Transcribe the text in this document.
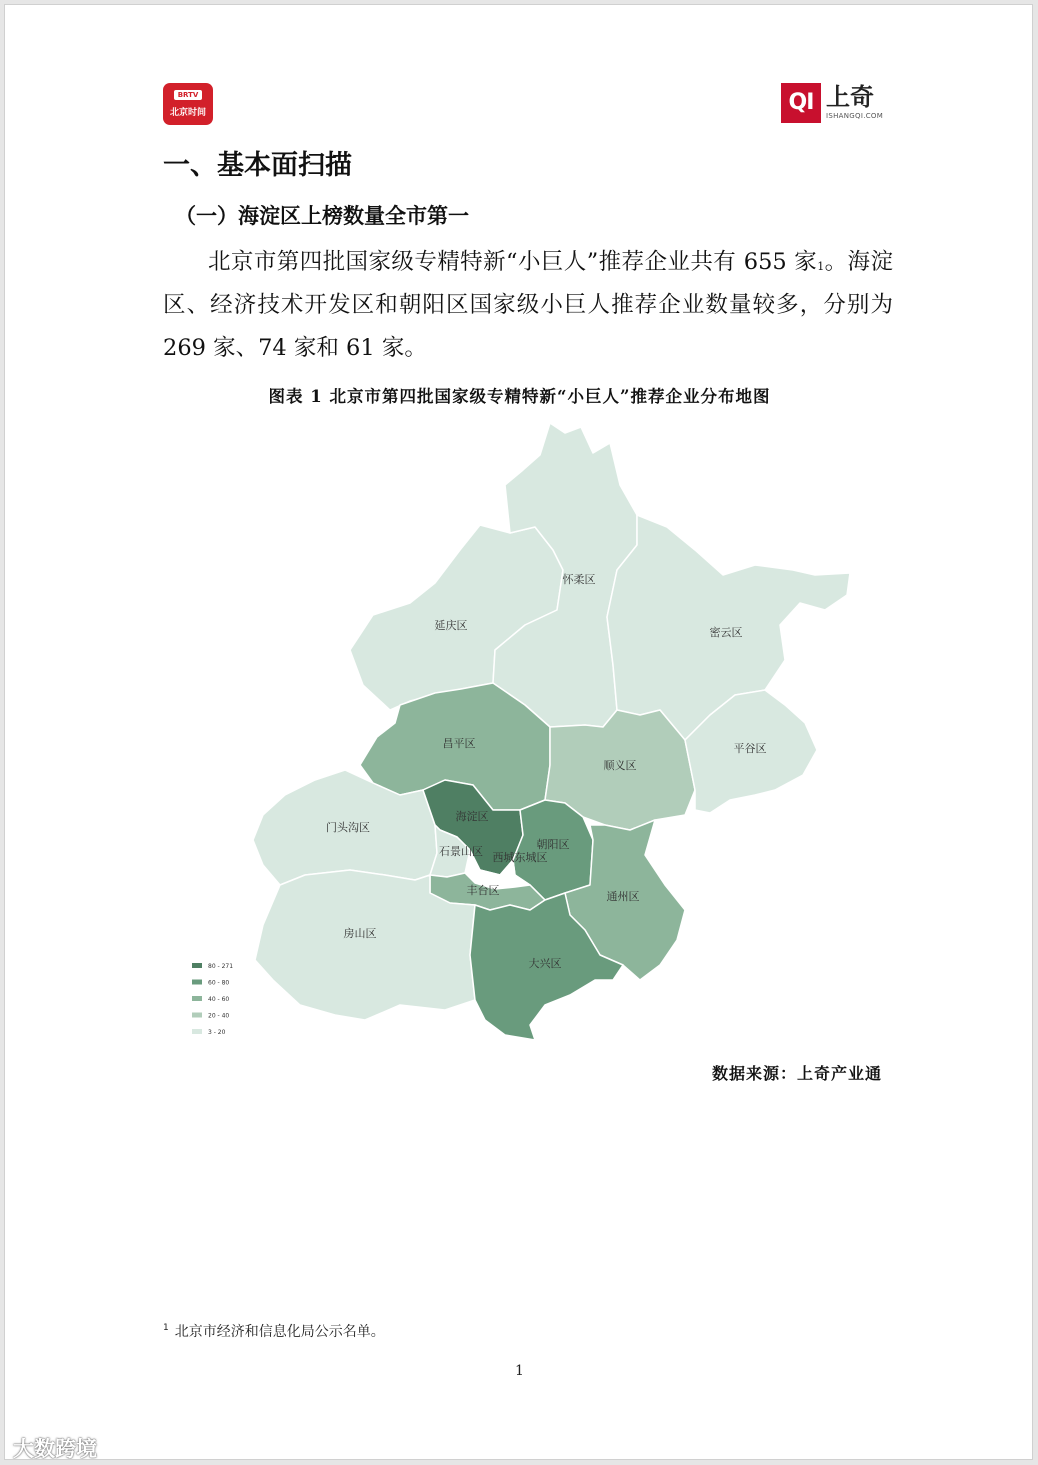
BRTV
北京时间	QI 上奇
ISHANGQI.COM
一、基本面扫描
（一）海淀区上榜数量全市第一

北京市第四批国家级专精特新“小巨人”推荐企业共有 655 家$^1$。海淀区、经济技术开发区和朝阳区国家级小巨人推荐企业数量较多，分别为 269 家、74 家和 61 家。

图表 1 北京市第四批国家级专精特新“小巨人”推荐企业分布地图
怀柔区
延庆区
密云区
昌平区	平谷区
顺义区
海淀区
门头沟区
朝阳区
石景山区 西城东城区
丰台区	通州区
房山区
大兴区
80 - 271
60 - 80
40 - 60
20 - 40
3 - 20
数据来源：上奇产业通
$^1$ 北京市经济和信息化局公示名单。
1
大数跨境
